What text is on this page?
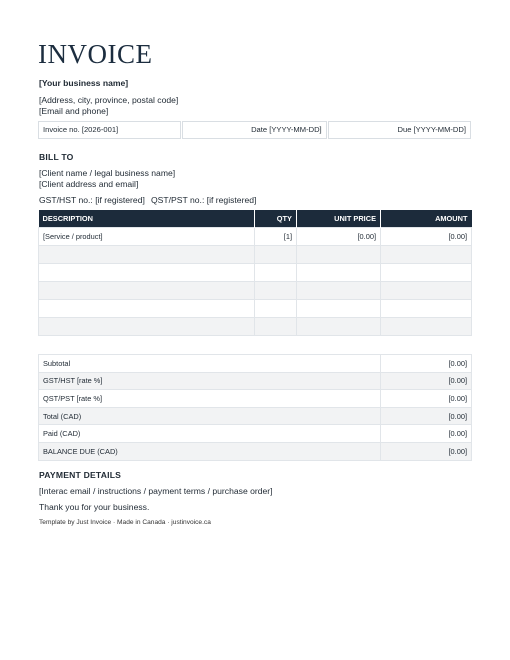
INVOICE
[Your business name]
[Address, city, province, postal code]
[Email and phone]
Invoice no. [2026-001]	Date [YYYY-MM-DD]	Due [YYYY-MM-DD]
BILL TO
[Client name / legal business name]
[Client address and email]
GST/HST no.: [if registered] QST/PST no.: [if registered]
DESCRIPTION	QTY	UNIT PRICE	AMOUNT
[Service / product]	[1]	[0.00]	[0.00]

Subtotal	[0.00]
GST/HST [rate %]	[0.00]
QST/PST [rate %]	[0.00]
Total (CAD)	[0.00]
Paid (CAD)	[0.00]
BALANCE DUE (CAD)	[0.00]
PAYMENT DETAILS
[Interac email / instructions / payment terms / purchase order]
Thank you for your business.
Template by Just Invoice · Made in Canada · justinvoice.ca
